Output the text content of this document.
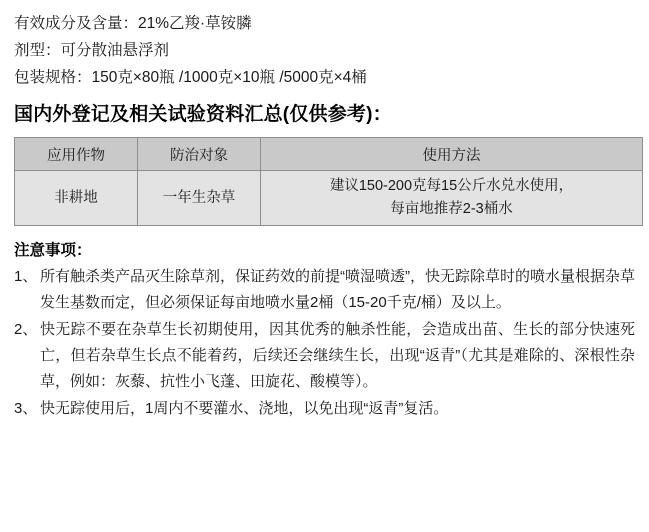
有效成分及含量：21%乙羧·草铵膦
剂型：可分散油悬浮剂
包装规格：150克×80瓶 /1000克×10瓶 /5000克×4桶
国内外登记及相关试验资料汇总(仅供参考)：
应用作物	防治对象	使用方法
非耕地	一年生杂草	建议150-200克每15公斤水兑水使用，
每亩地推荐2-3桶水
注意事项：
1、 所有触杀类产品灭生除草剂，保证药效的前提“喷湿喷透”，快无踪除草时的喷水量根据杂草发生基数而定，但必须保证每亩地喷水量2桶（15-20千克/桶）及以上。
2、 快无踪不要在杂草生长初期使用，因其优秀的触杀性能，会造成出苗、生长的部分快速死亡，但若杂草生长点不能着药，后续还会继续生长，出现“返青”（尤其是难除的、深根性杂草，例如：灰藜、抗性小飞蓬、田旋花、酸模等）。
3、 快无踪使用后，1周内不要灌水、浇地，以免出现“返青”复活。
